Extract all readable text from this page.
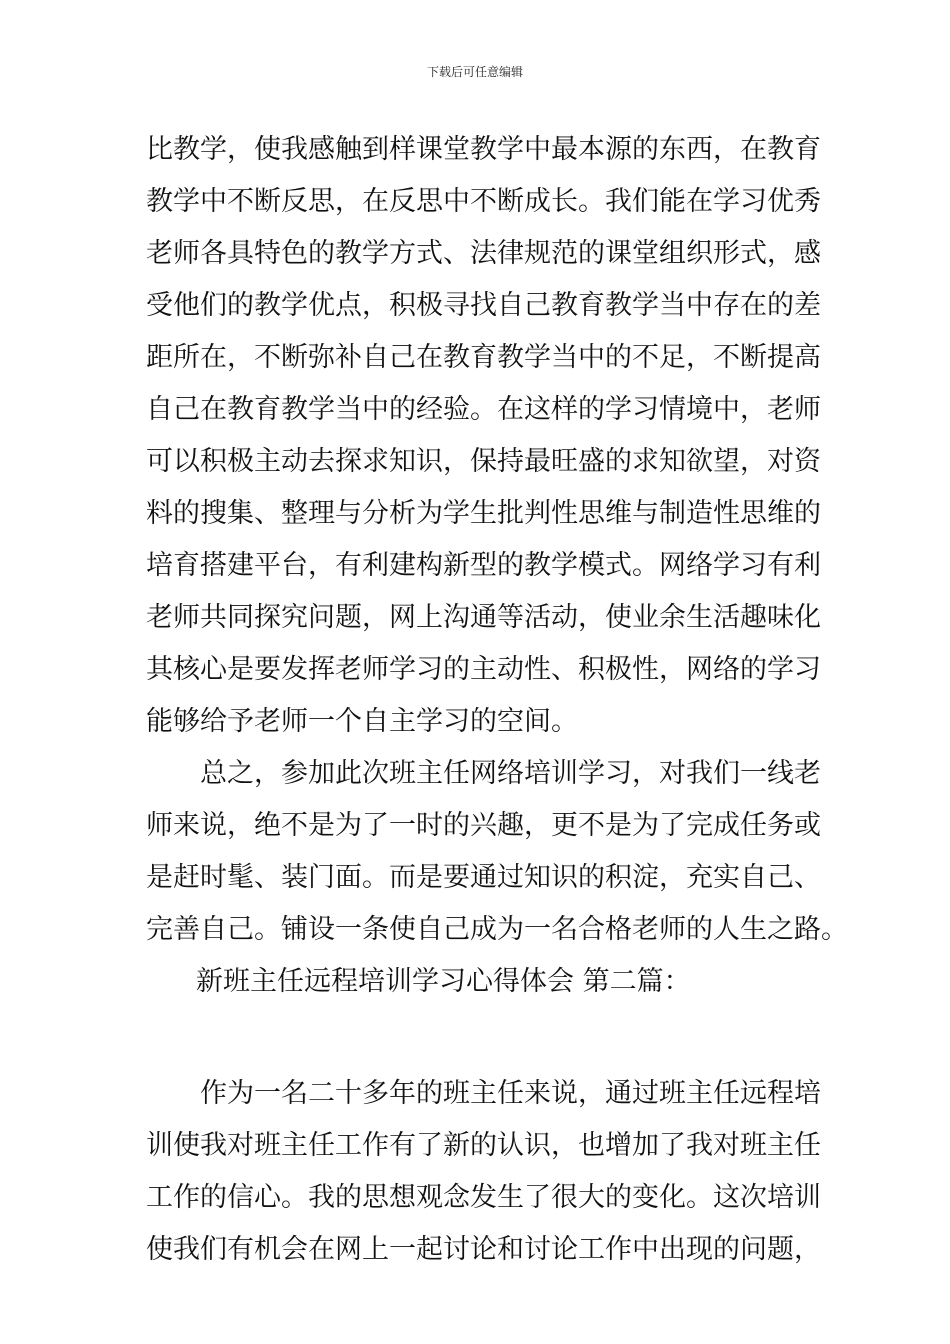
下载后可任意编辑
比教学，使我感触到样课堂教学中最本源的东西，在教育
教学中不断反思，在反思中不断成长。我们能在学习优秀
老师各具特色的教学方式、法律规范的课堂组织形式，感
受他们的教学优点，积极寻找自己教育教学当中存在的差
距所在，不断弥补自己在教育教学当中的不足，不断提高
自己在教育教学当中的经验。在这样的学习情境中，老师
可以积极主动去探求知识，保持最旺盛的求知欲望，对资
料的搜集、整理与分析为学生批判性思维与制造性思维的
培育搭建平台，有利建构新型的教学模式。网络学习有利
老师共同探究问题，网上沟通等活动，使业余生活趣味化
其核心是要发挥老师学习的主动性、积极性，网络的学习
能够给予老师一个自主学习的空间。
总之，参加此次班主任网络培训学习，对我们一线老
师来说，绝不是为了一时的兴趣，更不是为了完成任务或
是赶时髦、装门面。而是要通过知识的积淀，充实自己、
完善自己。铺设一条使自己成为一名合格老师的人生之路。
新班主任远程培训学习心得体会 第二篇：
作为一名二十多年的班主任来说，通过班主任远程培
训使我对班主任工作有了新的认识，也增加了我对班主任
工作的信心。我的思想观念发生了很大的变化。这次培训
使我们有机会在网上一起讨论和讨论工作中出现的问题，
